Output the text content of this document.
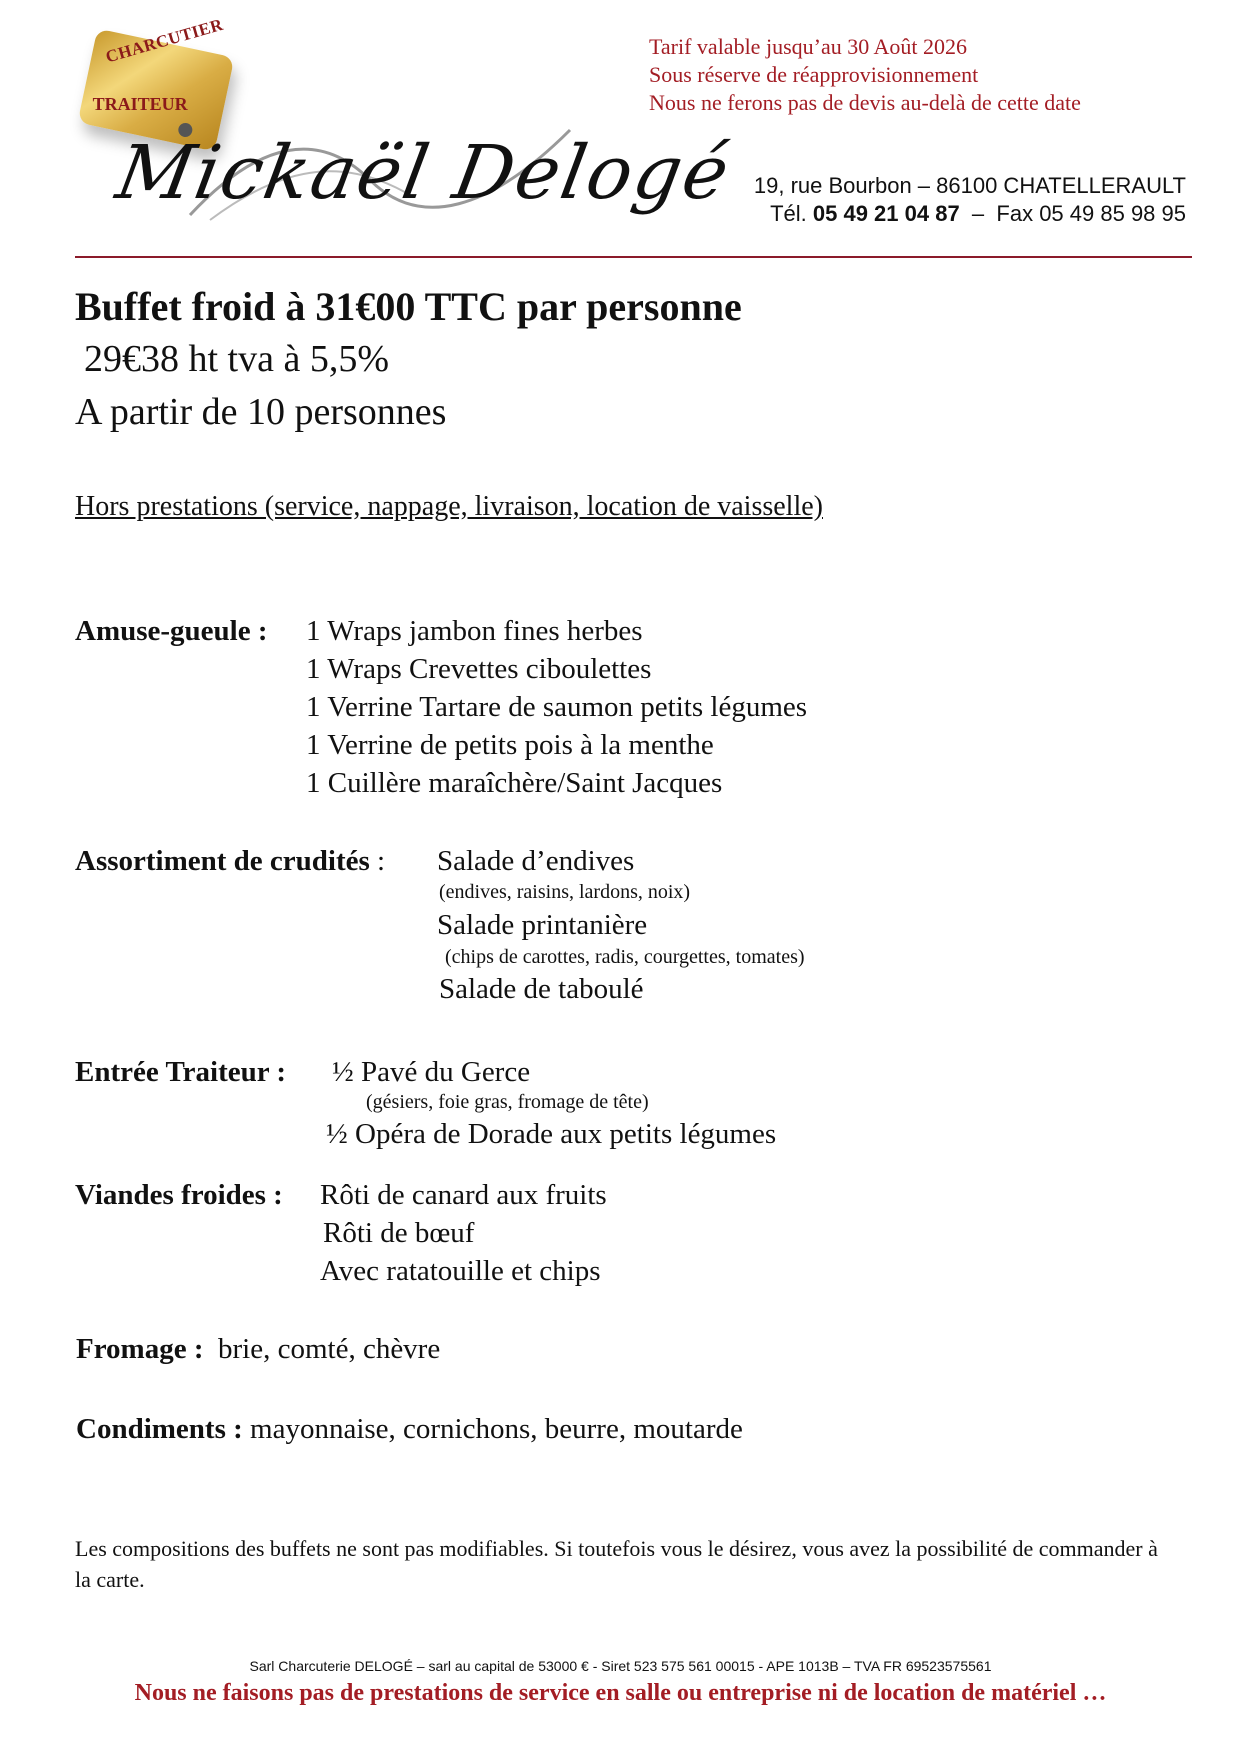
CHARCUTIER
TRAITEUR
Mickaël Delogé
Tarif valable jusqu’au 30 Août 2026
Sous réserve de réapprovisionnement
Nous ne ferons pas de devis au-delà de cette date
19, rue Bourbon – 86100 CHATELLERAULT
Tél. 05 49 21 04 87 – Fax 05 49 85 98 95
Buffet froid à 31€00 TTC par personne
29€38 ht tva à 5,5%
A partir de 10 personnes
Hors prestations (service, nappage, livraison, location de vaisselle)
Amuse-gueule : 1 Wraps jambon fines herbes
1 Wraps Crevettes ciboulettes
1 Verrine Tartare de saumon petits légumes
1 Verrine de petits pois à la menthe
1 Cuillère maraîchère/Saint Jacques
Assortiment de crudités : Salade d’endives
(endives, raisins, lardons, noix)
Salade printanière
(chips de carottes, radis, courgettes, tomates)
Salade de taboulé
Entrée Traiteur : ½ Pavé du Gerce
(gésiers, foie gras, fromage de tête)
½ Opéra de Dorade aux petits légumes
Viandes froides : Rôti de canard aux fruits
Rôti de bœuf
Avec ratatouille et chips
Fromage : brie, comté, chèvre
Condiments : mayonnaise, cornichons, beurre, moutarde
Les compositions des buffets ne sont pas modifiables. Si toutefois vous le désirez, vous avez la possibilité de commander à la carte.
Sarl Charcuterie DELOGÉ – sarl au capital de 53000 € - Siret 523 575 561 00015 - APE 1013B – TVA FR 69523575561
Nous ne faisons pas de prestations de service en salle ou entreprise ni de location de matériel …
